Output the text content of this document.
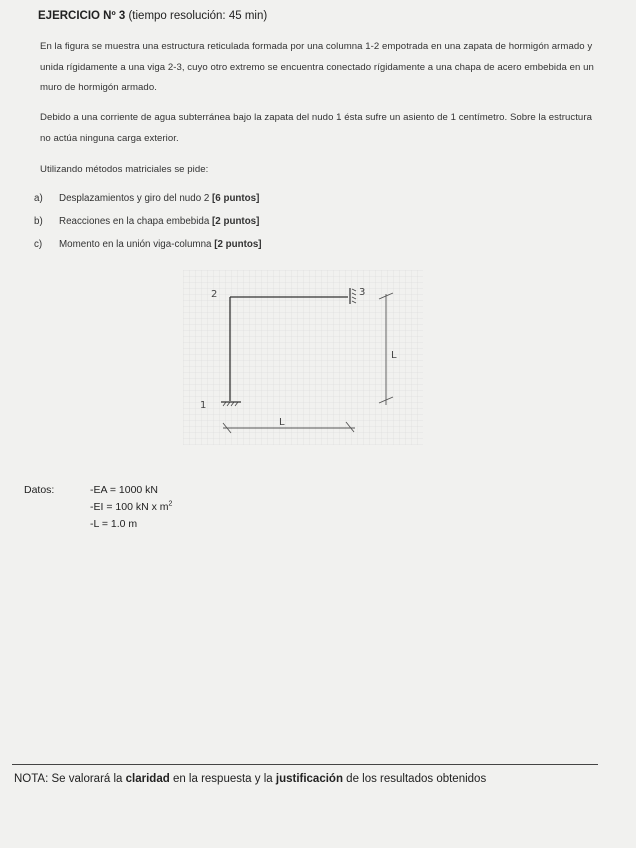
EJERCICIO Nº 3 (tiempo resolución: 45 min)
En la figura se muestra una estructura reticulada formada por una columna 1-2 empotrada en una zapata de hormigón armado y unida rígidamente a una viga 2-3, cuyo otro extremo se encuentra conectado rígidamente a una chapa de acero embebida en un muro de hormigón armado.
Debido a una corriente de agua subterránea bajo la zapata del nudo 1 ésta sufre un asiento de 1 centímetro. Sobre la estructura no actúa ninguna carga exterior.
Utilizando métodos matriciales se pide:
a) Desplazamientos y giro del nudo 2 [6 puntos]
b) Reacciones en la chapa embebida [2 puntos]
c) Momento en la unión viga-columna [2 puntos]
2	3
1
L
L
Datos:	-EA = 1000 kN
-EI = 100 kN x $m^2$
-L = 1.0 m
NOTA: Se valorará la claridad en la respuesta y la justificación de los resultados obtenidos
